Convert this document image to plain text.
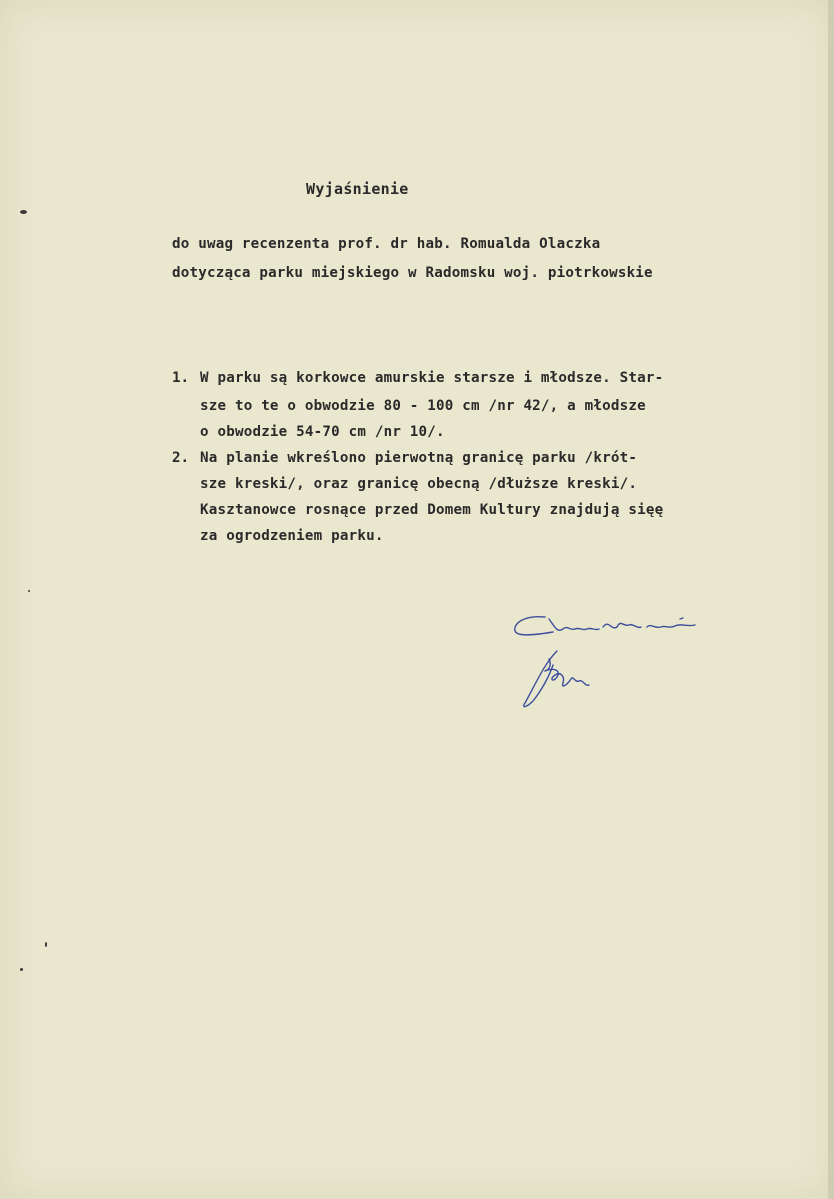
Wyjaśnienie
do uwag recenzenta prof. dr hab. Romualda Olaczka
dotycząca parku miejskiego w Radomsku woj. piotrkowskie
1. W parku są korkowce amurskie starsze i młodsze. Star-
sze to te o obwodzie 80 - 100 cm /nr 42/, a młodsze
o obwodzie 54-70 cm /nr 10/.
2. Na planie wkreślono pierwotną granicę parku /krót-
sze kreski/, oraz granicę obecną /dłuższe kreski/.
Kasztanowce rosnące przed Domem Kultury znajdują sięę
za ogrodzeniem parku.
